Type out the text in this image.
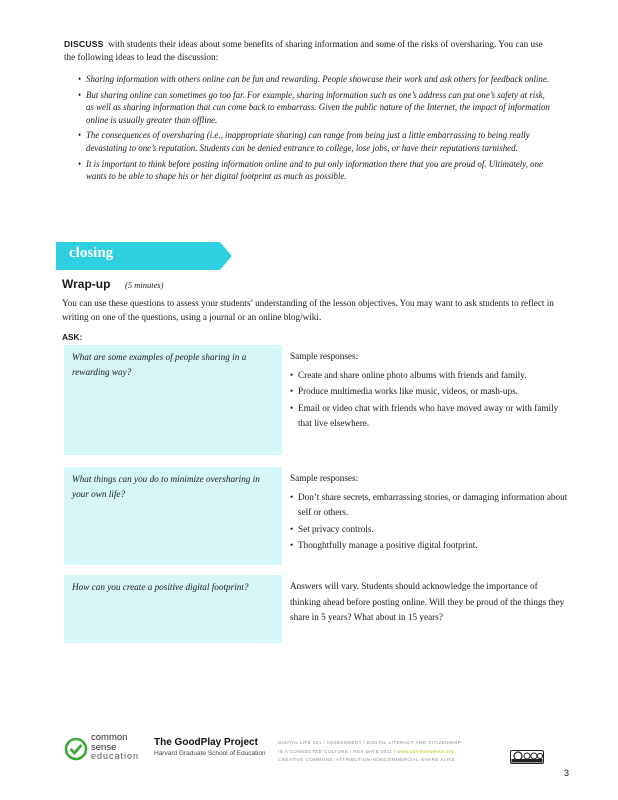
DISCUSS with students their ideas about some benefits of sharing information and some of the risks of oversharing. You can use the following ideas to lead the discussion:
• Sharing information with others online can be fun and rewarding. People showcase their work and ask others for feedback online.
• But sharing online can sometimes go too far. For example, sharing information such as one’s address can put one’s safety at risk, as well as sharing information that can come back to embarrass. Given the public nature of the Internet, the impact of information online is usually greater than offline.
• The consequences of oversharing (i.e., inappropriate sharing) can range from being just a little embarrassing to being really devastating to one’s reputation. Students can be denied entrance to college, lose jobs, or have their reputations tarnished.
• It is important to think before posting information online and to put only information there that you are proud of. Ultimately, one wants to be able to shape his or her digital footprint as much as possible.
closing
Wrap-up (5 minutes)
You can use these questions to assess your students’ understanding of the lesson objectives. You may want to ask students to reflect in writing on one of the questions, using a journal or an online blog/wiki.
ASK:
What are some examples of people sharing in a rewarding way?
Sample responses:
• Create and share online photo albums with friends and family.
• Produce multimedia works like music, videos, or mash-ups.
• Email or video chat with friends who have moved away or with family that live elsewhere.
What things can you do to minimize oversharing in your own life?
Sample responses:
• Don’t share secrets, embarrassing stories, or damaging information about self or others.
• Set privacy controls.
• Thoughtfully manage a positive digital footprint.
How can you create a positive digital footprint?	Answers will vary. Students should acknowledge the importance of thinking ahead before posting online. Will they be proud of the things they share in 5 years? What about in 15 years?
common
sense
education
The GoodPlay Project
Harvard Graduate School of Education
DIGITAL LIFE 101 / ASSESSMENT / DIGITAL LITERACY AND CITIZENSHIP
IN A CONNECTED CULTURE / REV DATE 2011 / www.commonsense.org
CREATIVE COMMONS: ATTRIBUTION-NONCOMMERCIAL-SHARE ALIKE
3
